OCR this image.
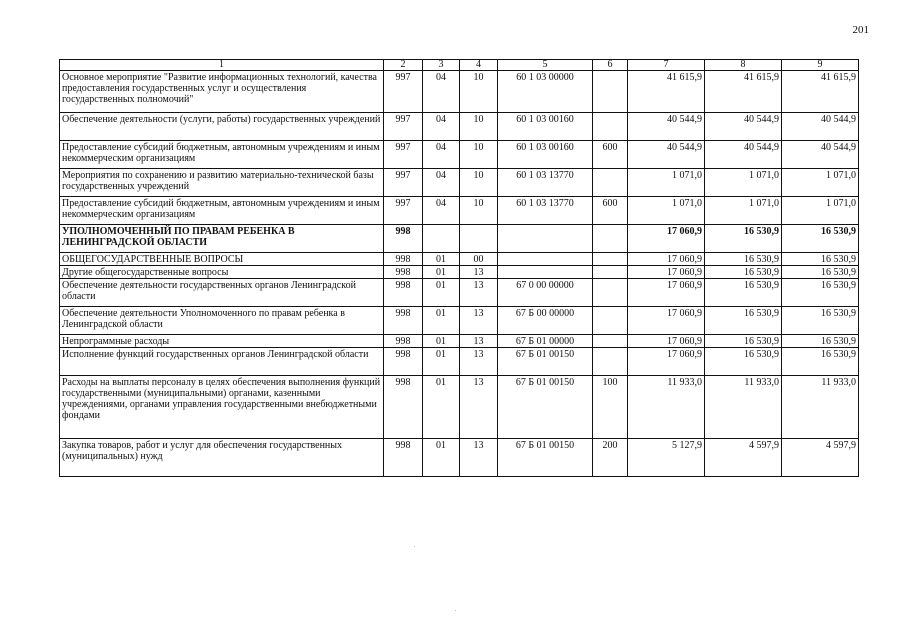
201
1	2	3	4	5	6	7	8	9
Основное мероприятие "Развитие информационных технологий, качества предоставления государственных услуг и осуществления государственных полномочий"	997	04	10	60 1 03 00000		41 615,9	41 615,9	41 615,9
Обеспечение деятельности (услуги, работы) государственных учреждений	997	04	10	60 1 03 00160		40 544,9	40 544,9	40 544,9
Предоставление субсидий бюджетным, автономным учреждениям и иным некоммерческим организациям	997	04	10	60 1 03 00160	600	40 544,9	40 544,9	40 544,9
Мероприятия по сохранению и развитию материально-технической базы государственных учреждений	997	04	10	60 1 03 13770		1 071,0	1 071,0	1 071,0
Предоставление субсидий бюджетным, автономным учреждениям и иным некоммерческим организациям	997	04	10	60 1 03 13770	600	1 071,0	1 071,0	1 071,0
УПОЛНОМОЧЕННЫЙ ПО ПРАВАМ РЕБЕНКА В ЛЕНИНГРАДСКОЙ ОБЛАСТИ	998					17 060,9	16 530,9	16 530,9
ОБЩЕГОСУДАРСТВЕННЫЕ ВОПРОСЫ	998	01	00			17 060,9	16 530,9	16 530,9
Другие общегосударственные вопросы	998	01	13			17 060,9	16 530,9	16 530,9
Обеспечение деятельности государственных органов Ленинградской области	998	01	13	67 0 00 00000		17 060,9	16 530,9	16 530,9
Обеспечение деятельности Уполномоченного по правам ребенка в Ленинградской области	998	01	13	67 Б 00 00000		17 060,9	16 530,9	16 530,9
Непрограммные расходы	998	01	13	67 Б 01 00000		17 060,9	16 530,9	16 530,9
Исполнение функций государственных органов Ленинградской области	998	01	13	67 Б 01 00150		17 060,9	16 530,9	16 530,9
Расходы на выплаты персоналу в целях обеспечения выполнения функций государственными (муниципальными) органами, казенными учреждениями, органами управления государственными внебюджетными фондами	998	01	13	67 Б 01 00150	100	11 933,0	11 933,0	11 933,0
Закупка товаров, работ и услуг для обеспечения государственных (муниципальных) нужд	998	01	13	67 Б 01 00150	200	5 127,9	4 597,9	4 597,9
